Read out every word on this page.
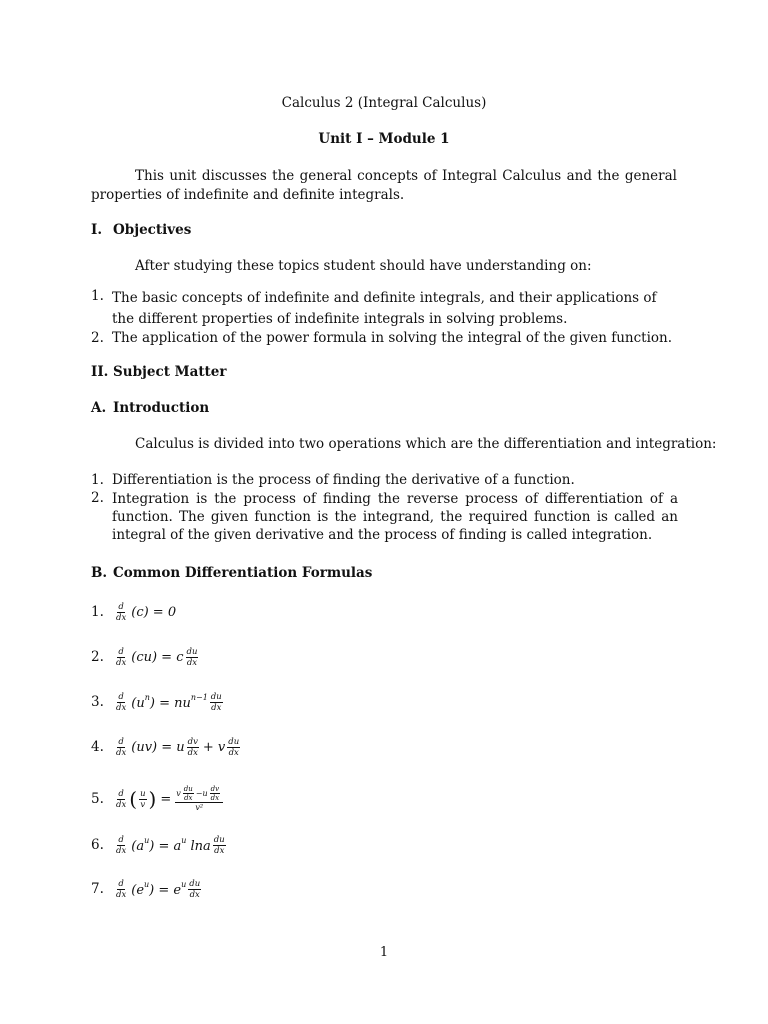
Calculus 2 (Integral Calculus)
Unit I – Module 1
This unit discusses the general concepts of Integral Calculus and the general properties of indefinite and definite integrals.
I. Objectives
After studying these topics student should have understanding on:
1. The basic concepts of indefinite and definite integrals, and their applications of the different properties of indefinite integrals in solving problems.
2. The application of the power formula in solving the integral of the given function.
II. Subject Matter
A. Introduction
Calculus is divided into two operations which are the differentiation and integration:
1. Differentiation is the process of finding the derivative of a function.
2. Integration is the process of finding the reverse process of differentiation of a function. The given function is the integrand, the required function is called an integral of the given derivative and the process of finding is called integration.
B. Common Differentiation Formulas
1.	$\frac{d}{dx} (c) = 0$
2.	$\frac{d}{dx} (cu) = c \frac{du}{dx}$
3.	$\frac{d}{dx} (u^n) = nu^{n-1} \frac{du}{dx}$
4.	$\frac{d}{dx} (uv) = u \frac{dv}{dx} + v \frac{du}{dx}$
5.	$\frac{d}{dx}$ ( $\frac{u}{v}$ ) = v $\frac{du}{dx} -u \frac{dv}{dx}$
v²
6.	$\frac{d}{dx} (a^u) = a^u$ lna $\frac{du}{dx}$
7.	$\frac{d}{dx} (e^u) = e^u \frac{du}{dx}$
1
